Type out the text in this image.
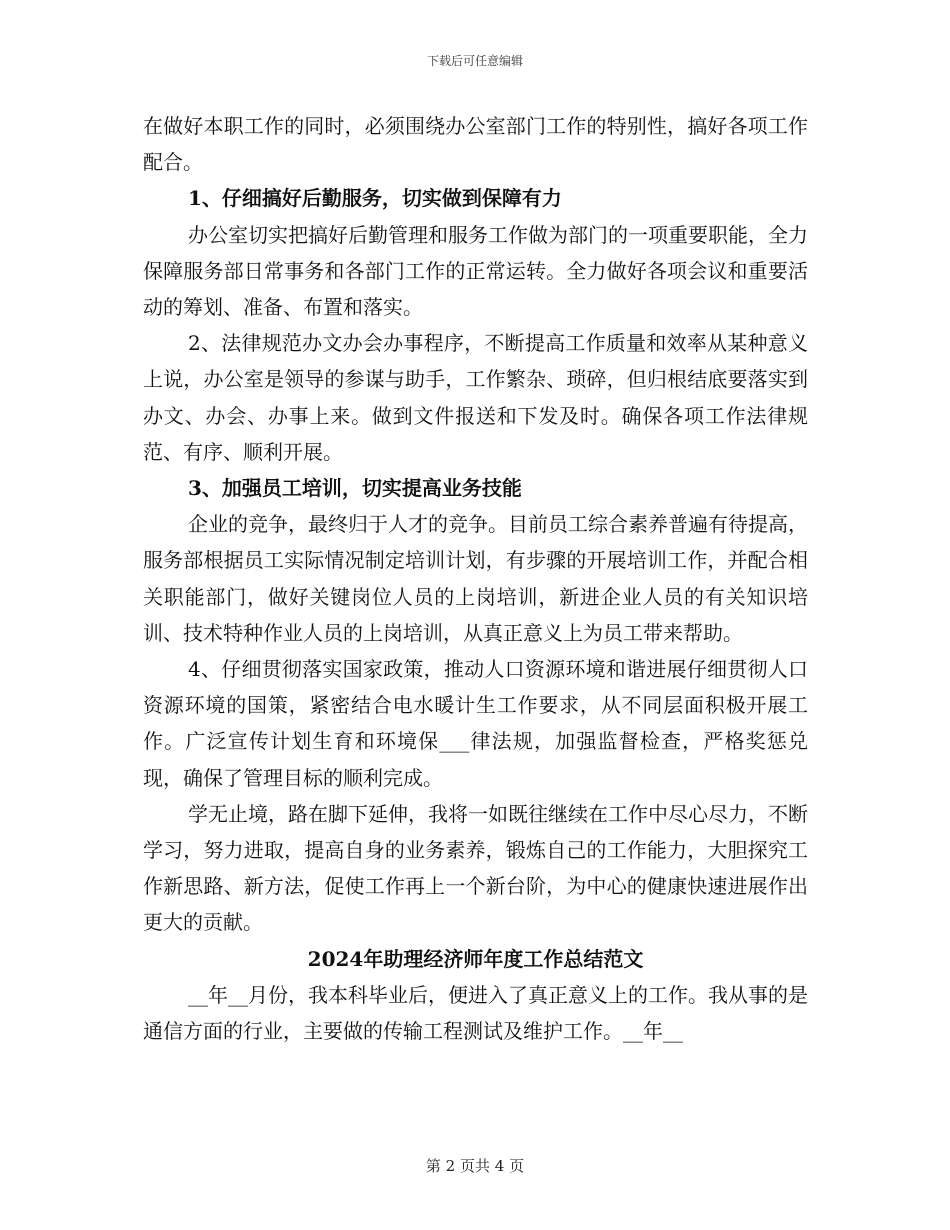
下载后可任意编辑

在做好本职工作的同时，必须围绕办公室部门工作的特别性，搞好各项工作配合。

1、仔细搞好后勤服务，切实做到保障有力

办公室切实把搞好后勤管理和服务工作做为部门的一项重要职能，全力保障服务部日常事务和各部门工作的正常运转。全力做好各项会议和重要活动的筹划、准备、布置和落实。

2、法律规范办文办会办事程序，不断提高工作质量和效率从某种意义上说，办公室是领导的参谋与助手，工作繁杂、琐碎，但归根结底要落实到办文、办会、办事上来。做到文件报送和下发及时。确保各项工作法律规范、有序、顺利开展。

3、加强员工培训，切实提高业务技能

企业的竞争，最终归于人才的竞争。目前员工综合素养普遍有待提高，服务部根据员工实际情况制定培训计划，有步骤的开展培训工作，并配合相关职能部门，做好关键岗位人员的上岗培训，新进企业人员的有关知识培训、技术特种作业人员的上岗培训，从真正意义上为员工带来帮助。

4、仔细贯彻落实国家政策，推动人口资源环境和谐进展仔细贯彻人口资源环境的国策，紧密结合电水暖计生工作要求，从不同层面积极开展工作。广泛宣传计划生育和环境保___律法规，加强监督检查，严格奖惩兑现，确保了管理目标的顺利完成。

学无止境，路在脚下延伸，我将一如既往继续在工作中尽心尽力，不断学习，努力进取，提高自身的业务素养，锻炼自己的工作能力，大胆探究工作新思路、新方法，促使工作再上一个新台阶，为中心的健康快速进展作出更大的贡献。

2024年助理经济师年度工作总结范文

__年__月份，我本科毕业后，便进入了真正意义上的工作。我从事的是通信方面的行业，主要做的传输工程测试及维护工作。__年__

第 2 页共 4 页
